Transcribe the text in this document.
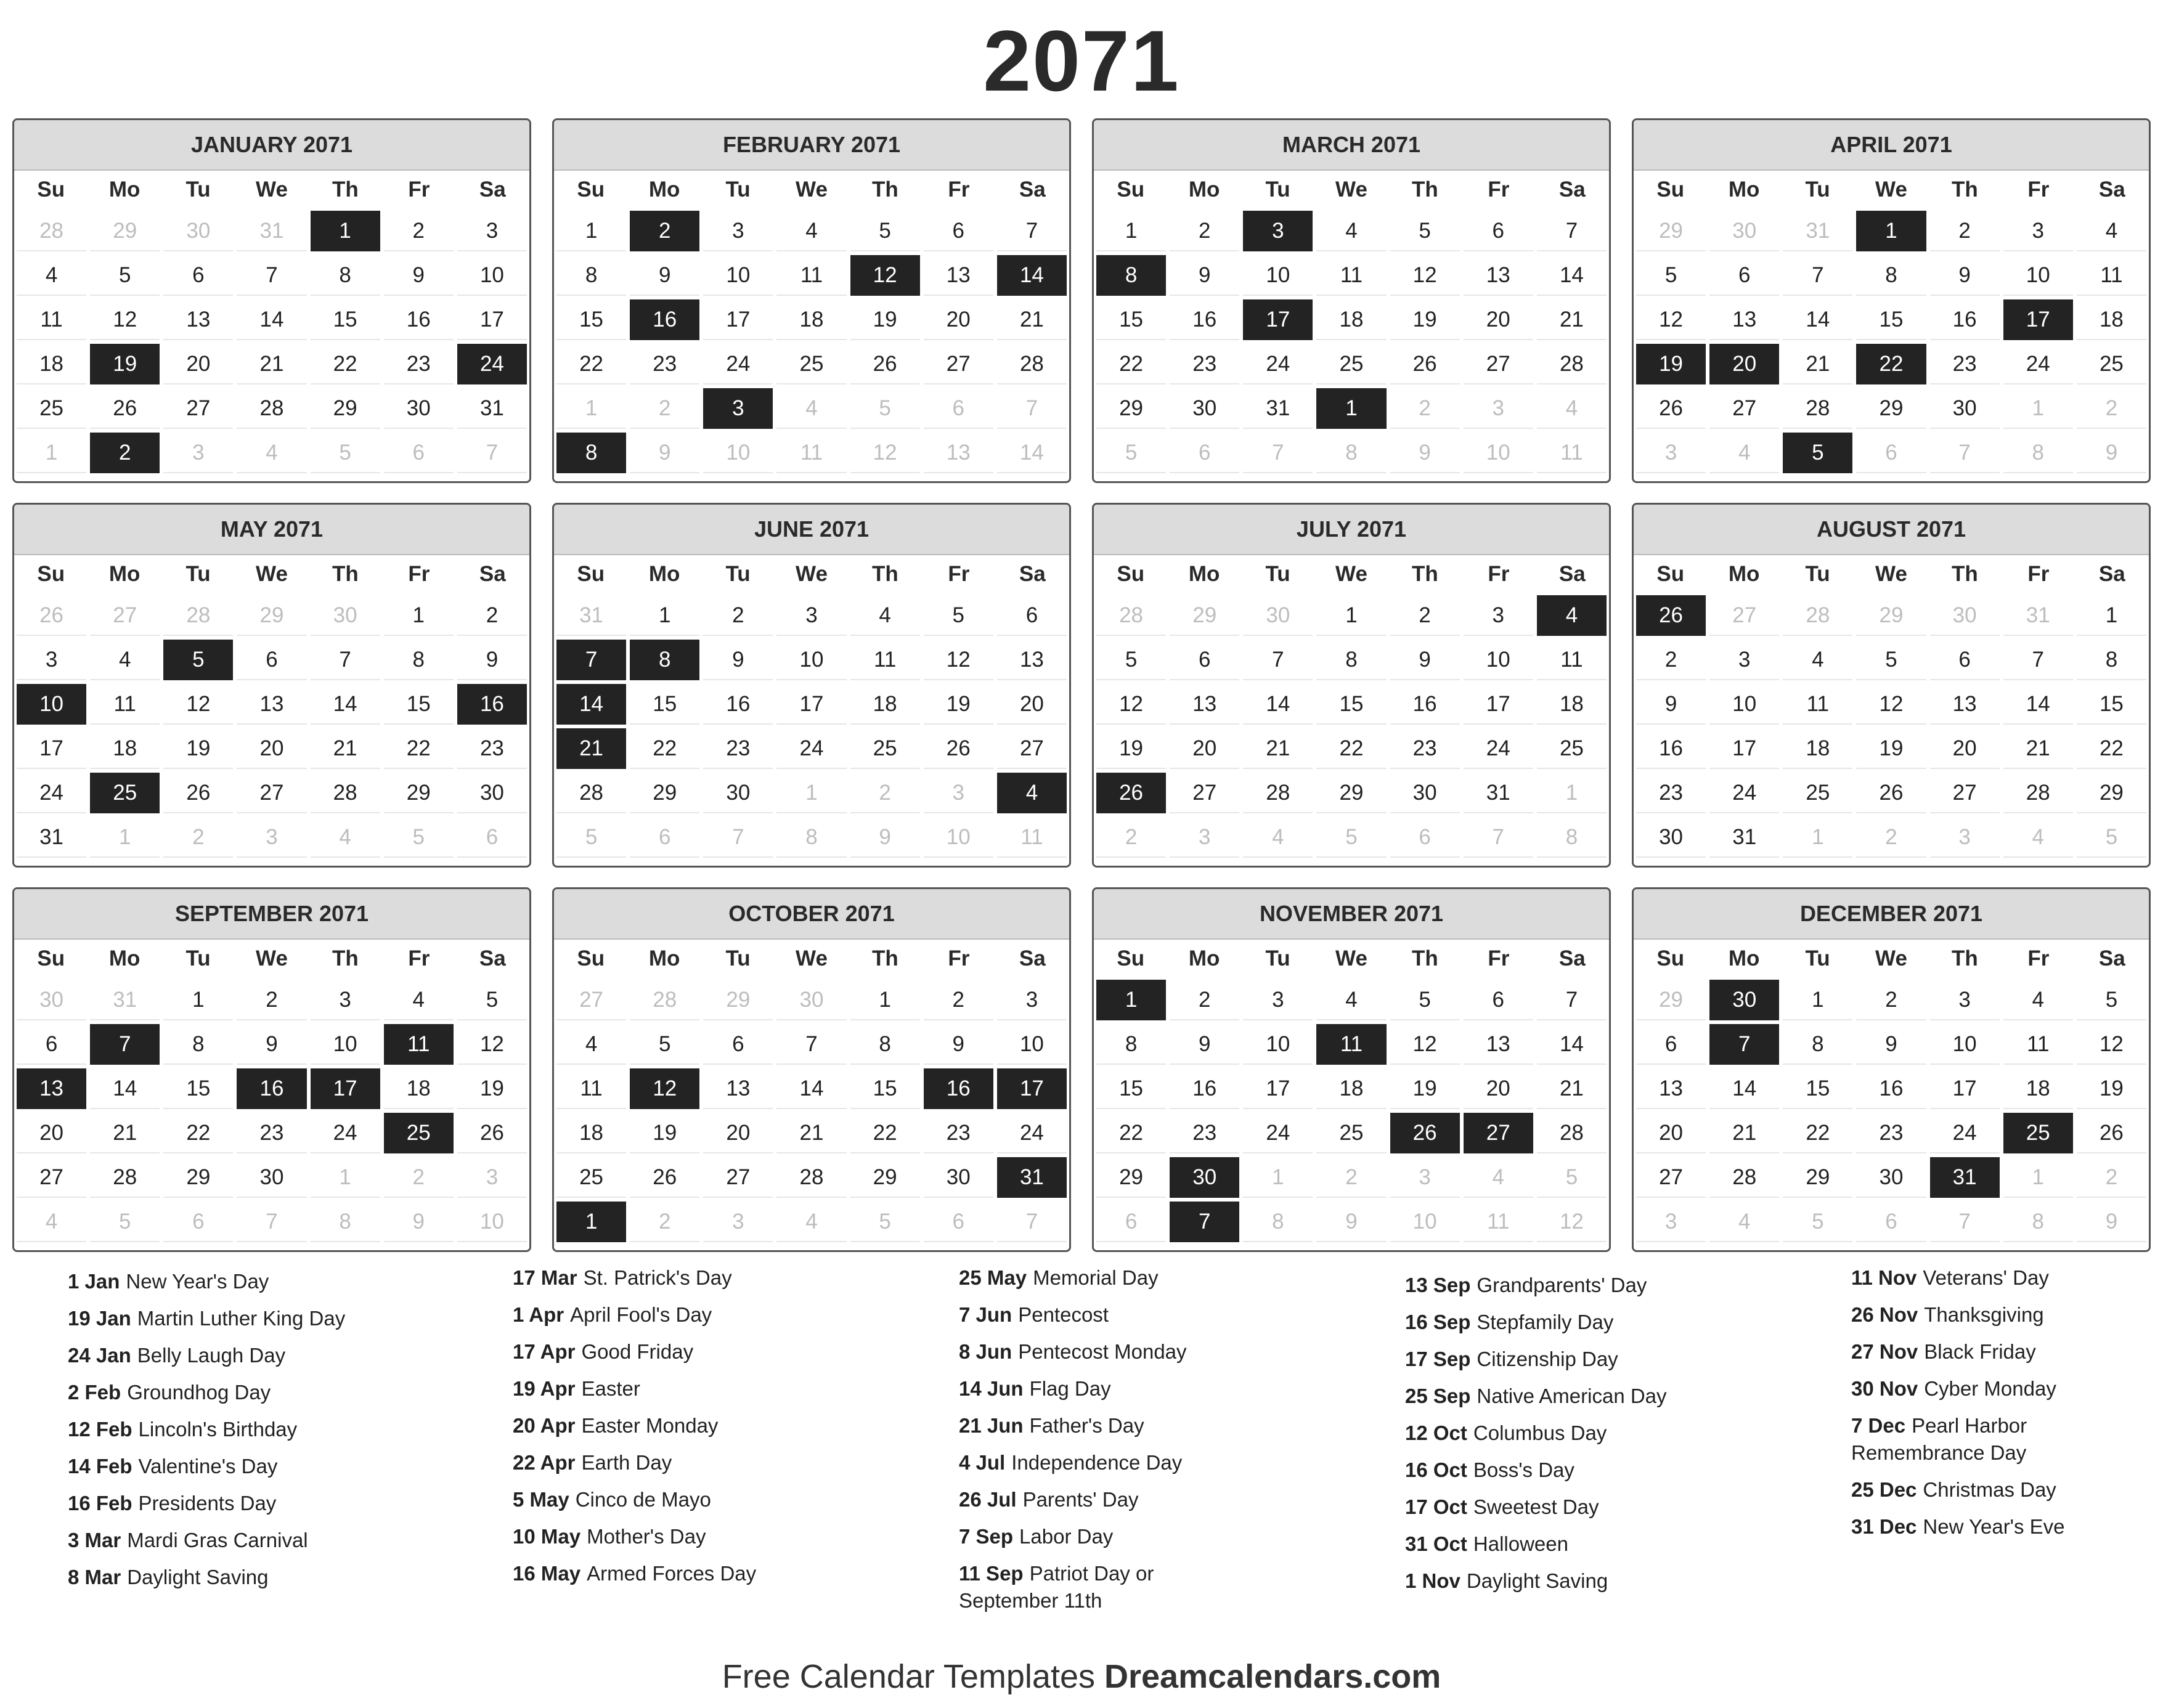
2071
JANUARY 2071
Su	Mo	Tu	We	Th	Fr	Sa
28	29	30	31	1	2	3
4	5	6	7	8	9	10
11	12	13	14	15	16	17
18	19	20	21	22	23	24
25	26	27	28	29	30	31
1	2	3	4	5	6	7
FEBRUARY 2071
Su	Mo	Tu	We	Th	Fr	Sa
1	2	3	4	5	6	7
8	9	10	11	12	13	14
15	16	17	18	19	20	21
22	23	24	25	26	27	28
1	2	3	4	5	6	7
8	9	10	11	12	13	14
MARCH 2071
Su	Mo	Tu	We	Th	Fr	Sa
1	2	3	4	5	6	7
8	9	10	11	12	13	14
15	16	17	18	19	20	21
22	23	24	25	26	27	28
29	30	31	1	2	3	4
5	6	7	8	9	10	11
APRIL 2071
Su	Mo	Tu	We	Th	Fr	Sa
29	30	31	1	2	3	4
5	6	7	8	9	10	11
12	13	14	15	16	17	18
19	20	21	22	23	24	25
26	27	28	29	30	1	2
3	4	5	6	7	8	9
MAY 2071
Su	Mo	Tu	We	Th	Fr	Sa
26	27	28	29	30	1	2
3	4	5	6	7	8	9
10	11	12	13	14	15	16
17	18	19	20	21	22	23
24	25	26	27	28	29	30
31	1	2	3	4	5	6
JUNE 2071
Su	Mo	Tu	We	Th	Fr	Sa
31	1	2	3	4	5	6
7	8	9	10	11	12	13
14	15	16	17	18	19	20
21	22	23	24	25	26	27
28	29	30	1	2	3	4
5	6	7	8	9	10	11
JULY 2071
Su	Mo	Tu	We	Th	Fr	Sa
28	29	30	1	2	3	4
5	6	7	8	9	10	11
12	13	14	15	16	17	18
19	20	21	22	23	24	25
26	27	28	29	30	31	1
2	3	4	5	6	7	8
AUGUST 2071
Su	Mo	Tu	We	Th	Fr	Sa
26	27	28	29	30	31	1
2	3	4	5	6	7	8
9	10	11	12	13	14	15
16	17	18	19	20	21	22
23	24	25	26	27	28	29
30	31	1	2	3	4	5
SEPTEMBER 2071
Su	Mo	Tu	We	Th	Fr	Sa
30	31	1	2	3	4	5
6	7	8	9	10	11	12
13	14	15	16	17	18	19
20	21	22	23	24	25	26
27	28	29	30	1	2	3
4	5	6	7	8	9	10
OCTOBER 2071
Su	Mo	Tu	We	Th	Fr	Sa
27	28	29	30	1	2	3
4	5	6	7	8	9	10
11	12	13	14	15	16	17
18	19	20	21	22	23	24
25	26	27	28	29	30	31
1	2	3	4	5	6	7
NOVEMBER 2071
Su	Mo	Tu	We	Th	Fr	Sa
1	2	3	4	5	6	7
8	9	10	11	12	13	14
15	16	17	18	19	20	21
22	23	24	25	26	27	28
29	30	1	2	3	4	5
6	7	8	9	10	11	12
DECEMBER 2071
Su	Mo	Tu	We	Th	Fr	Sa
29	30	1	2	3	4	5
6	7	8	9	10	11	12
13	14	15	16	17	18	19
20	21	22	23	24	25	26
27	28	29	30	31	1	2
3	4	5	6	7	8	9
1 Jan New Year's Day
19 Jan Martin Luther King Day
24 Jan Belly Laugh Day
2 Feb Groundhog Day
12 Feb Lincoln's Birthday
14 Feb Valentine's Day
16 Feb Presidents Day
3 Mar Mardi Gras Carnival
8 Mar Daylight Saving
17 Mar St. Patrick's Day
1 Apr April Fool's Day
17 Apr Good Friday
19 Apr Easter
20 Apr Easter Monday
22 Apr Earth Day
5 May Cinco de Mayo
10 May Mother's Day
16 May Armed Forces Day
25 May Memorial Day
7 Jun Pentecost
8 Jun Pentecost Monday
14 Jun Flag Day
21 Jun Father's Day
4 Jul Independence Day
26 Jul Parents' Day
7 Sep Labor Day
11 Sep Patriot Day or September 11th
13 Sep Grandparents' Day
16 Sep Stepfamily Day
17 Sep Citizenship Day
25 Sep Native American Day
12 Oct Columbus Day
16 Oct Boss's Day
17 Oct Sweetest Day
31 Oct Halloween
1 Nov Daylight Saving
11 Nov Veterans' Day
26 Nov Thanksgiving
27 Nov Black Friday
30 Nov Cyber Monday
7 Dec Pearl Harbor Remembrance Day
25 Dec Christmas Day
31 Dec New Year's Eve
Free Calendar Templates Dreamcalendars.com
